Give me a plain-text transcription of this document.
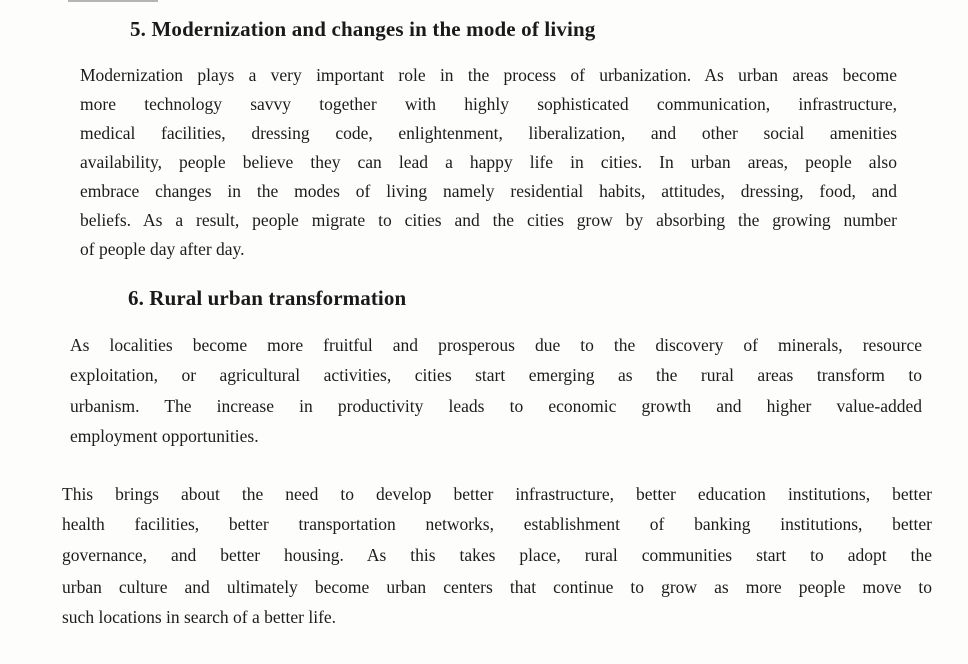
5. Modernization and changes in the mode of living

Modernization plays a very important role in the process of urbanization. As urban areas become

more technology savvy together with highly sophisticated communication, infrastructure,

medical facilities, dressing code, enlightenment, liberalization, and other social amenities

availability, people believe they can lead a happy life in cities. In urban areas, people also

embrace changes in the modes of living namely residential habits, attitudes, dressing, food, and

beliefs. As a result, people migrate to cities and the cities grow by absorbing the growing number

of people day after day.

6. Rural urban transformation

As localities become more fruitful and prosperous due to the discovery of minerals, resource

exploitation, or agricultural activities, cities start emerging as the rural areas transform to

urbanism. The increase in productivity leads to economic growth and higher value-added

employment opportunities.

This brings about the need to develop better infrastructure, better education institutions, better

health facilities, better transportation networks, establishment of banking institutions, better

governance, and better housing. As this takes place, rural communities start to adopt the

urban culture and ultimately become urban centers that continue to grow as more people move to

such locations in search of a better life.
